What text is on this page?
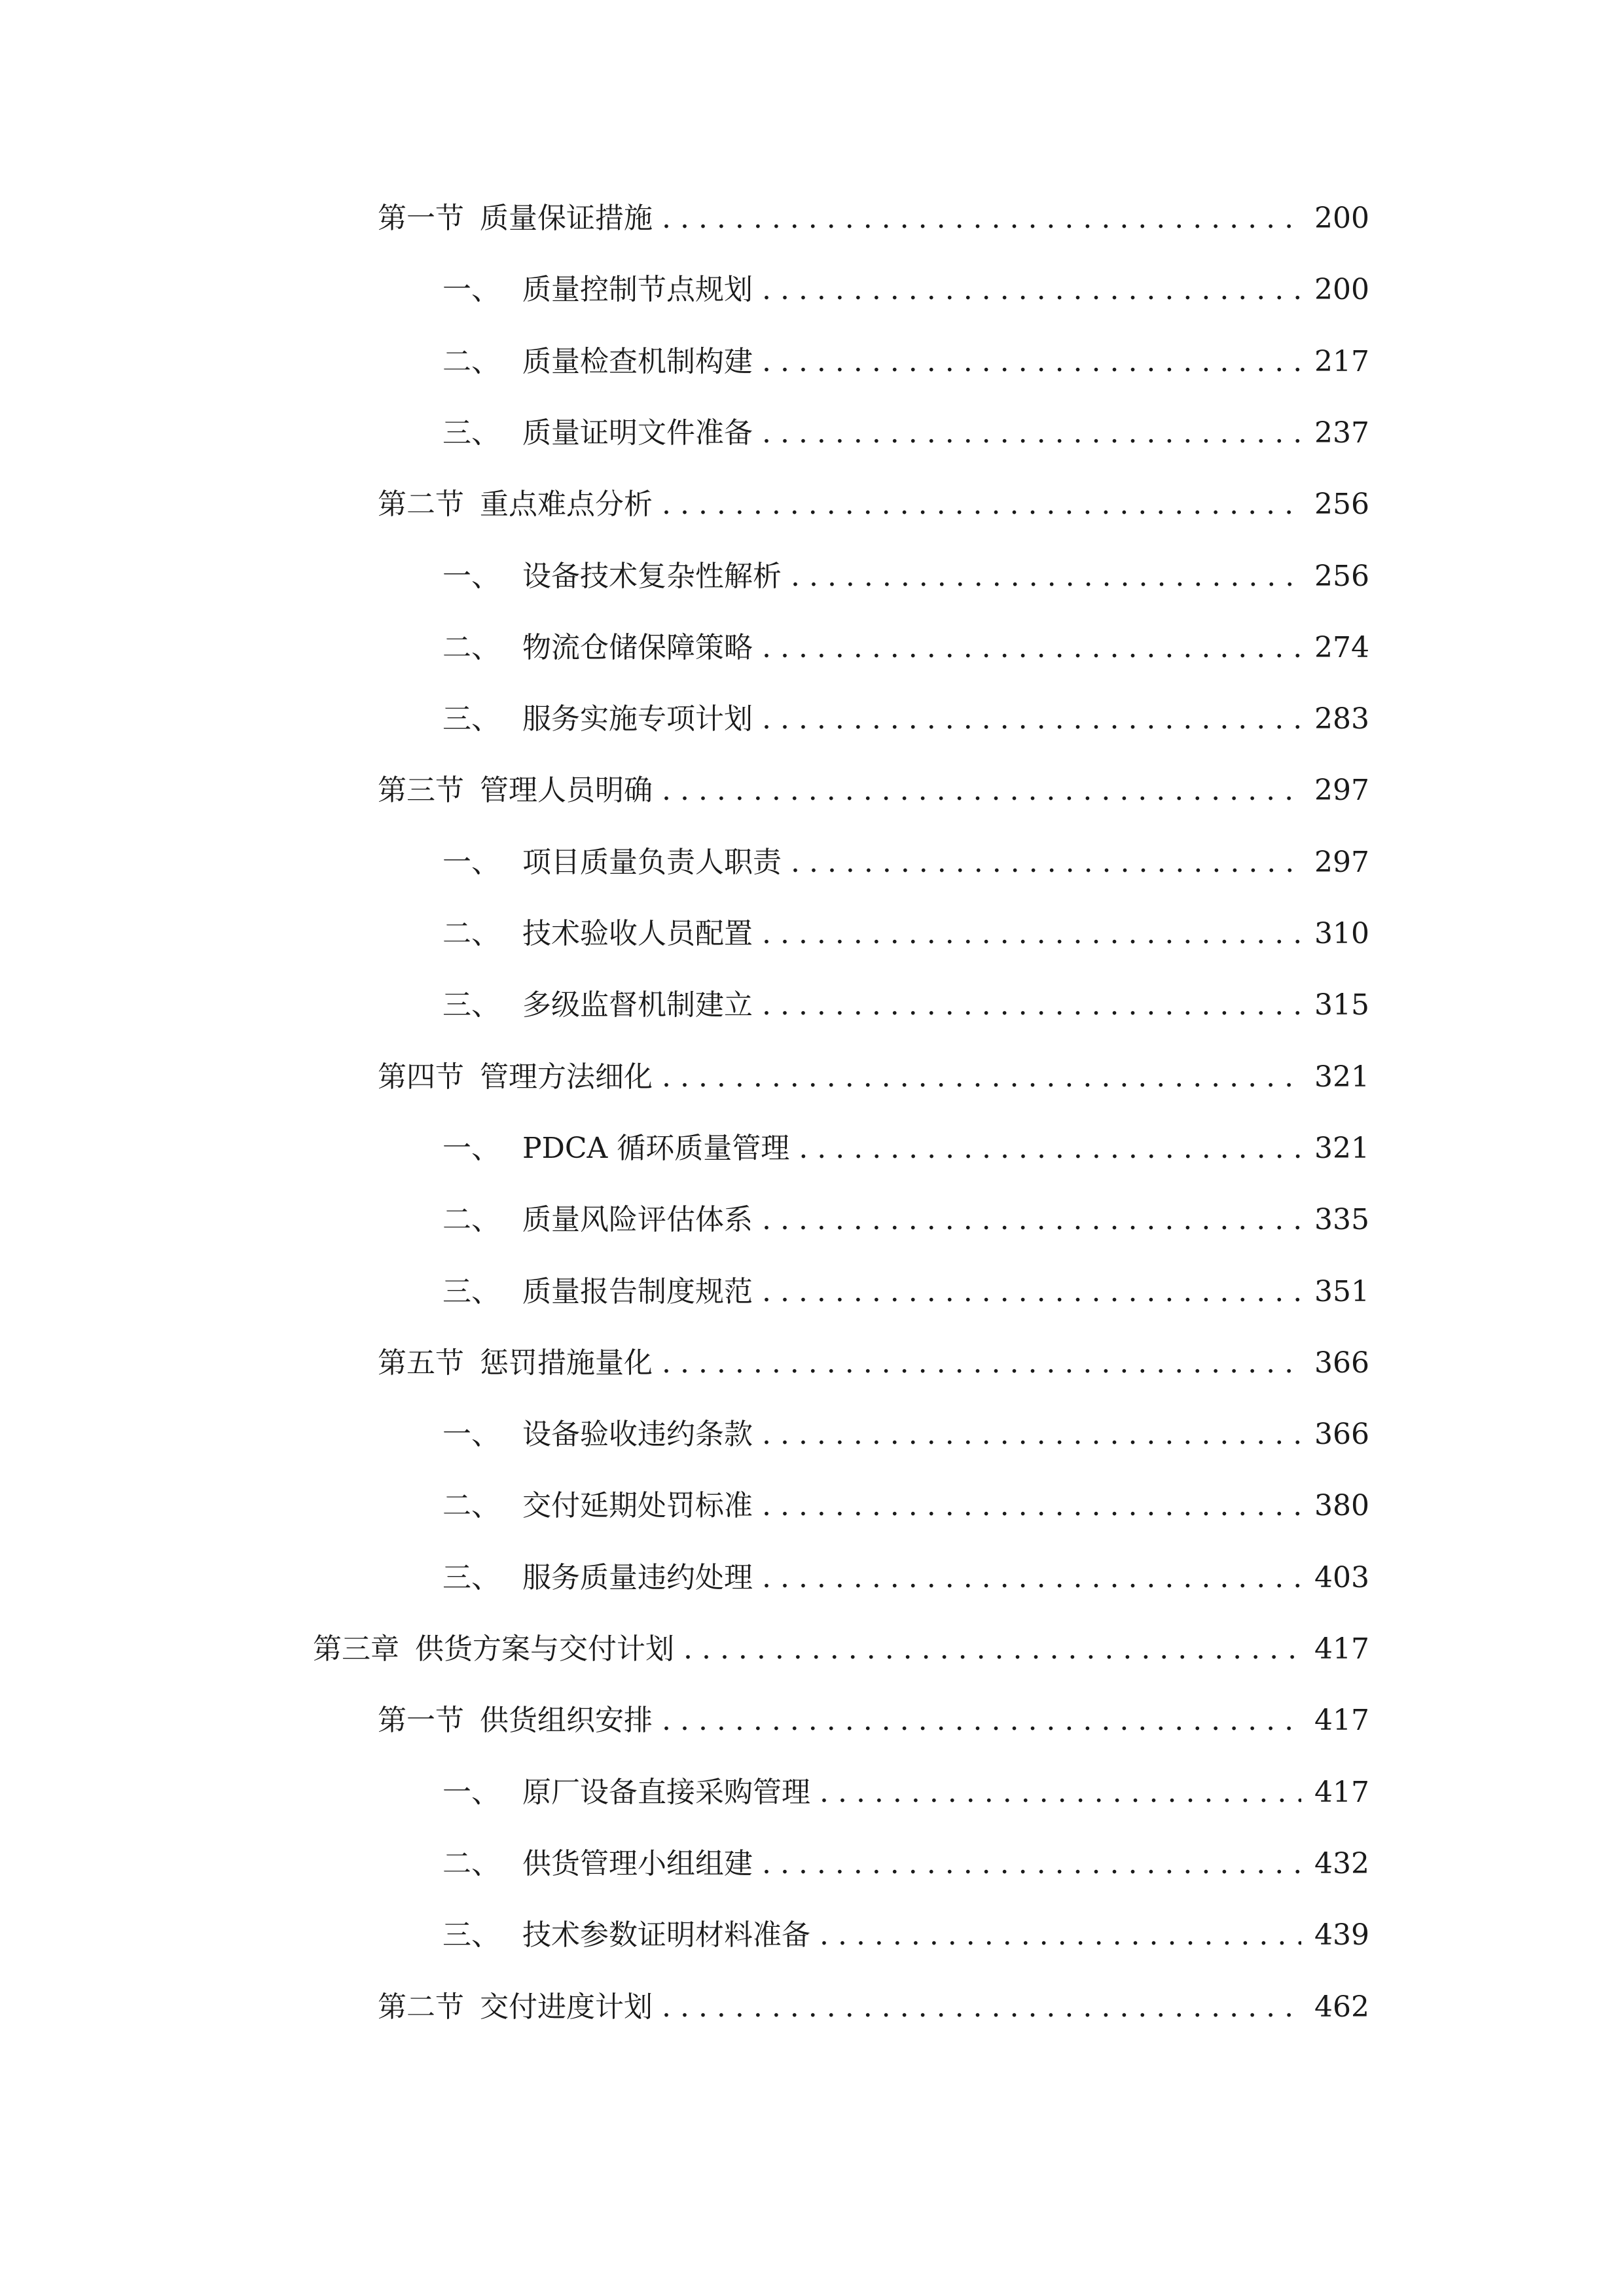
第一节 质量保证措施 . . .	200
一、 质量控制节点规划 . . .	200
二、 质量检查机制构建 . . .	217
三、 质量证明文件准备 . . .	237
第二节 重点难点分析 . . .	256
一、 设备技术复杂性解析 . . .	256
二、 物流仓储保障策略 . . .	274
三、 服务实施专项计划 . . .	283
第三节 管理人员明确 . . .	297
一、 项目质量负责人职责 . . .	297
二、 技术验收人员配置 . . .	310
三、 多级监督机制建立 . . .	315
第四节 管理方法细化 . . .	321
一、 PDCA 循环质量管理 . . .	321
二、 质量风险评估体系 . . .	335
三、 质量报告制度规范 . . .	351
第五节 惩罚措施量化 . . .	366
一、 设备验收违约条款 . . .	366
二、 交付延期处罚标准 . . .	380
三、 服务质量违约处理 . . .	403
第三章 供货方案与交付计划 . . .	417
第一节 供货组织安排 . . .	417
一、 原厂设备直接采购管理 . . .	417
二、 供货管理小组组建 . . .	432
三、 技术参数证明材料准备 . . .	439
第二节 交付进度计划 . . .	462
